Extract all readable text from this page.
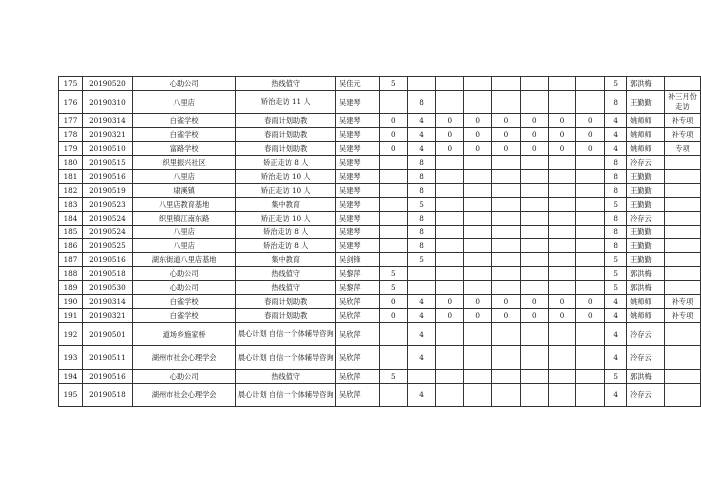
175	20190520	心助公司	热线值守	吴佳元	5								5	郭洪梅	
176	20190310	八里店	矫治走访 11 人	吴建琴		8							8	王勤勤	补三月份走访
177	20190314	白雀学校	春雨计划助教	吴建琴	0	4	0	0	0	0	0	0	4	姚师师	补专项
178	20190321	白雀学校	春雨计划助教	吴建琴	0	4	0	0	0	0	0	0	4	姚师师	补专项
179	20190510	富路学校	春雨计划助教	吴建琴	0	4	0	0	0	0	0	0	4	姚师师	专项
180	20190515	织里振兴社区	矫正走访 8 人	吴建琴		8							8	冷存云	
181	20190516	八里店	矫治走访 10 人	吴建琴		8							8	王勤勤	
182	20190519	埭溪镇	矫正走访 10 人	吴建琴		8							8	王勤勤	
183	20190523	八里店教育基地	集中教育	吴建琴		5							5	王勤勤	
184	20190524	织里镇江南东路	矫正走访 10 人	吴建琴		8							8	冷存云	
185	20190524	八里店	矫治走访 8 人	吴建琴		8							8	王勤勤	
186	20190525	八里店	矫治走访 8 人	吴建琴		8							8	王勤勤	
187	20190516	湖东街道八里店基地	集中教育	吴剑锋		5							5	王勤勤	
188	20190518	心助公司	热线值守	吴黎萍	5								5	郭洪梅	
189	20190530	心助公司	热线值守	吴黎萍	5								5	郭洪梅	
190	20190314	白雀学校	春雨计划助教	吴欣萍	0	4	0	0	0	0	0	0	4	姚师师	补专项
191	20190321	白雀学校	春雨计划助教	吴欣萍	0	4	0	0	0	0	0	0	4	姚师师	补专项
192	20190501	道场乡施家桥	晨心计划 自信一个体辅导咨询	吴欣萍		4							4	冷存云	
193	20190511	湖州市社会心理学会	晨心计划 自信一个体辅导咨询	吴欣萍		4							4	冷存云	
194	20190516	心助公司	热线值守	吴欣萍	5								5	郭洪梅	
195	20190518	湖州市社会心理学会	晨心计划 自信一个体辅导咨询	吴欣萍		4							4	冷存云	
